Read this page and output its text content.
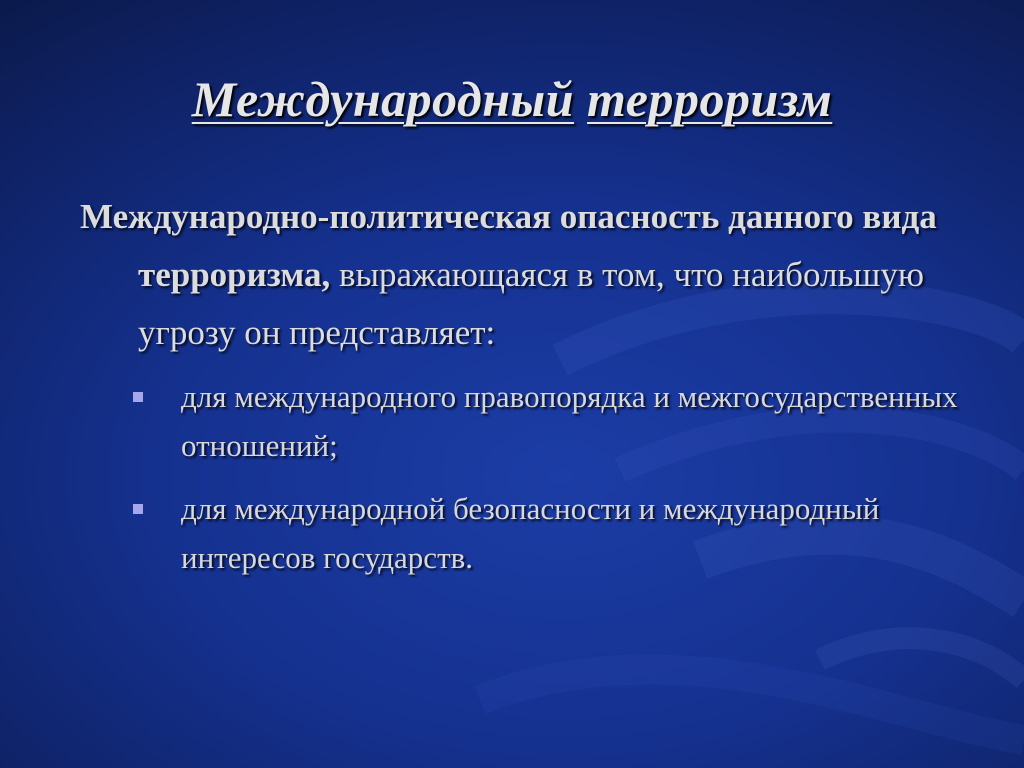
Международный терроризм

Международно-политическая опасность данного вида терроризма, выражающаяся в том, что наибольшую угрозу он представляет:

для международного правопорядка и межгосударственных отношений;
для международной безопасности и международный интересов государств.
